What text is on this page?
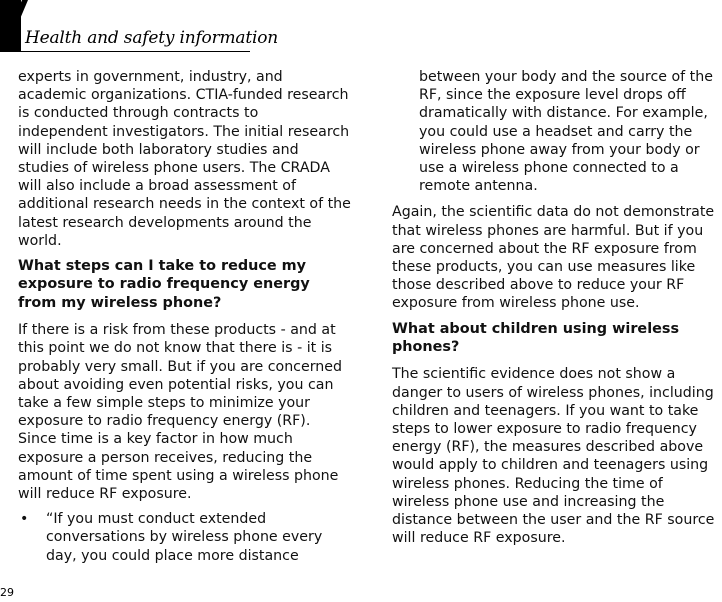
Health and safety information

experts in government, industry, and academic organizations. CTIA-funded research is conducted through contracts to independent investigators. The initial research will include both laboratory studies and studies of wireless phone users. The CRADA will also include a broad assessment of additional research needs in the context of the latest research developments around the world.

What steps can I take to reduce my exposure to radio frequency energy from my wireless phone?

If there is a risk from these products - and at this point we do not know that there is - it is probably very small. But if you are concerned about avoiding even potential risks, you can take a few simple steps to minimize your exposure to radio frequency energy (RF). Since time is a key factor in how much exposure a person receives, reducing the amount of time spent using a wireless phone will reduce RF exposure.

•	“If you must conduct extended conversations by wireless phone every day, you could place more distance

between your body and the source of the RF, since the exposure level drops off dramatically with distance. For example, you could use a headset and carry the wireless phone away from your body or use a wireless phone connected to a remote antenna.

Again, the scientific data do not demonstrate that wireless phones are harmful. But if you are concerned about the RF exposure from these products, you can use measures like those described above to reduce your RF exposure from wireless phone use.

What about children using wireless phones?

The scientific evidence does not show a danger to users of wireless phones, including children and teenagers. If you want to take steps to lower exposure to radio frequency energy (RF), the measures described above would apply to children and teenagers using wireless phones. Reducing the time of wireless phone use and increasing the distance between the user and the RF source will reduce RF exposure.

29
